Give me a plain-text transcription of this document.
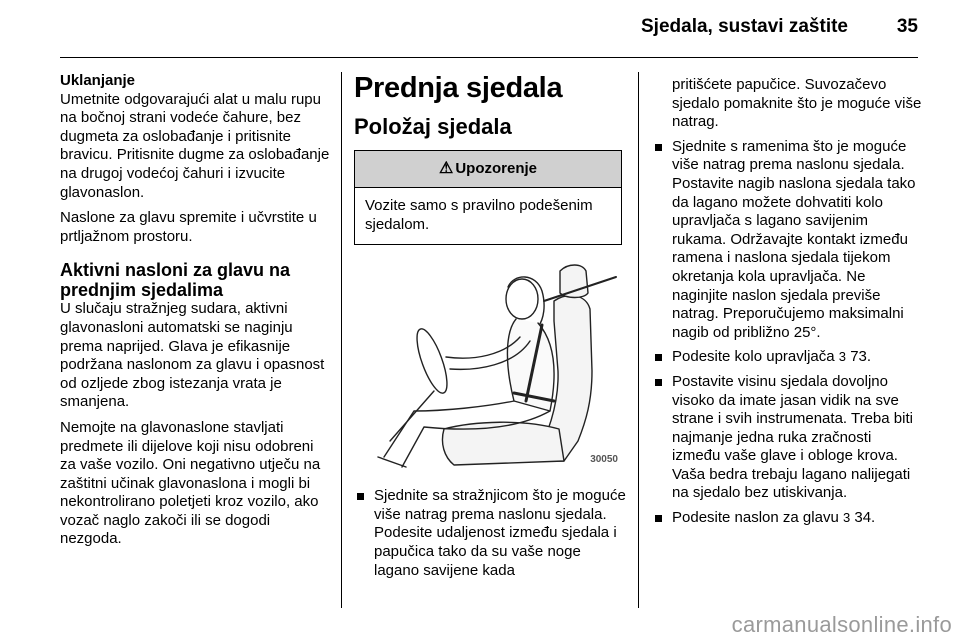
Sjedala, sustavi zaštite	35
Uklanjanje

Umetnite odgovarajući alat u malu rupu na bočnoj strani vodeće čahure, bez dugmeta za oslobađanje i pritisnite bravicu. Pritisnite dugme za oslobađanje na drugoj vodećoj čahuri i izvucite glavonaslon.

Naslone za glavu spremite i učvrstite u prtljažnom prostoru.

Aktivni nasloni za glavu na prednjim sjedalima

U slučaju stražnjeg sudara, aktivni glavonasloni automatski se naginju prema naprijed. Glava je efikasnije podržana naslonom za glavu i opasnost od ozljede zbog istezanja vrata je smanjena.

Nemojte na glavonaslone stavljati predmete ili dijelove koji nisu odobreni za vaše vozilo. Oni negativno utječu na zaštitni učinak glavonaslona i mogli bi nekontrolirano poletjeti kroz vozilo, ako vozač naglo zakoči ili se dogodi nezgoda.

Prednja sjedala
Položaj sjedala
⚠ Upozorenje
Vozite samo s pravilno podešenim sjedalom.
30050
Sjednite sa stražnjicom što je moguće više natrag prema naslonu sjedala. Podesite udaljenost između sjedala i papučica tako da su vaše noge lagano savijene kada
pritišćete papučice. Suvozačevo sjedalo pomaknite što je moguće više natrag.
Sjednite s ramenima što je moguće više natrag prema naslonu sjedala. Postavite nagib naslona sjedala tako da lagano možete dohvatiti kolo upravljača s lagano savijenim rukama. Održavajte kontakt između ramena i naslona sjedala tijekom okretanja kola upravljača. Ne naginjite naslon sjedala previše natrag. Preporučujemo maksimalni nagib od približno 25°.
Podesite kolo upravljača 3 73.
Postavite visinu sjedala dovoljno visoko da imate jasan vidik na sve strane i svih instrumenata. Treba biti najmanje jedna ruka zračnosti između vaše glave i obloge krova. Vaša bedra trebaju lagano nalijegati na sjedalo bez utiskivanja.
Podesite naslon za glavu 3 34.
carmanualsonline.info
